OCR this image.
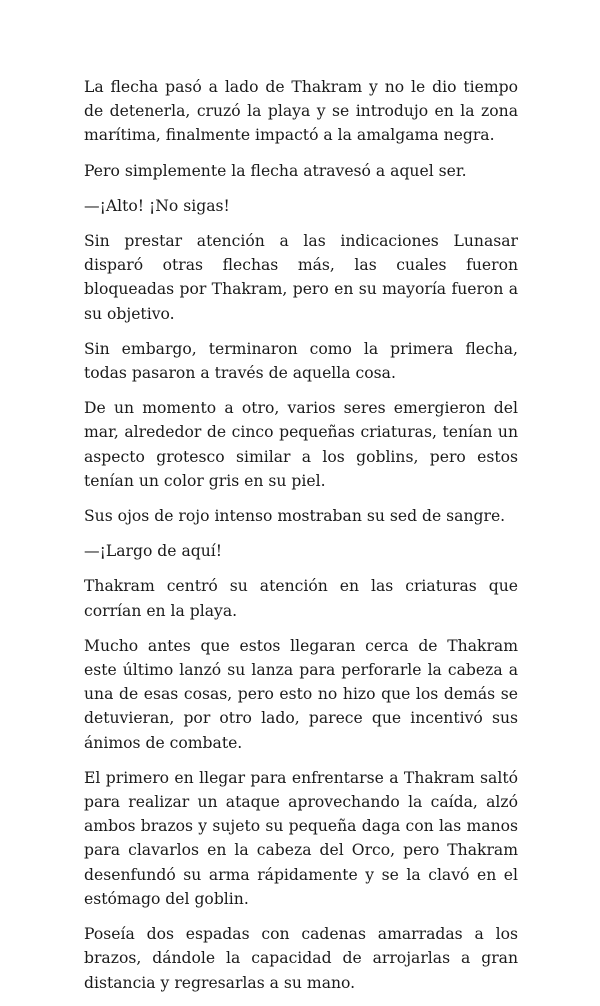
La flecha pasó a lado de Thakram y no le dio tiempo de detenerla, cruzó la playa y se introdujo en la zona marítima, finalmente impactó a la amalgama negra.

Pero simplemente la flecha atravesó a aquel ser.

—¡Alto! ¡No sigas!

Sin prestar atención a las indicaciones Lunasar disparó otras flechas más, las cuales fueron bloqueadas por Thakram, pero en su mayoría fueron a su objetivo.

Sin embargo, terminaron como la primera flecha, todas pasaron a través de aquella cosa.

De un momento a otro, varios seres emergieron del mar, alrededor de cinco pequeñas criaturas, tenían un aspecto grotesco similar a los goblins, pero estos tenían un color gris en su piel.

Sus ojos de rojo intenso mostraban su sed de sangre.

—¡Largo de aquí!

Thakram centró su atención en las criaturas que corrían en la playa.

Mucho antes que estos llegaran cerca de Thakram este último lanzó su lanza para perforarle la cabeza a una de esas cosas, pero esto no hizo que los demás se detuvieran, por otro lado, parece que incentivó sus ánimos de combate.

El primero en llegar para enfrentarse a Thakram saltó para realizar un ataque aprovechando la caída, alzó ambos brazos y sujeto su pequeña daga con las manos para clavarlos en la cabeza del Orco, pero Thakram desenfundó su arma rápidamente y se la clavó en el estómago del goblin.

Poseía dos espadas con cadenas amarradas a los brazos, dándole la capacidad de arrojarlas a gran distancia y regresarlas a su mano.
